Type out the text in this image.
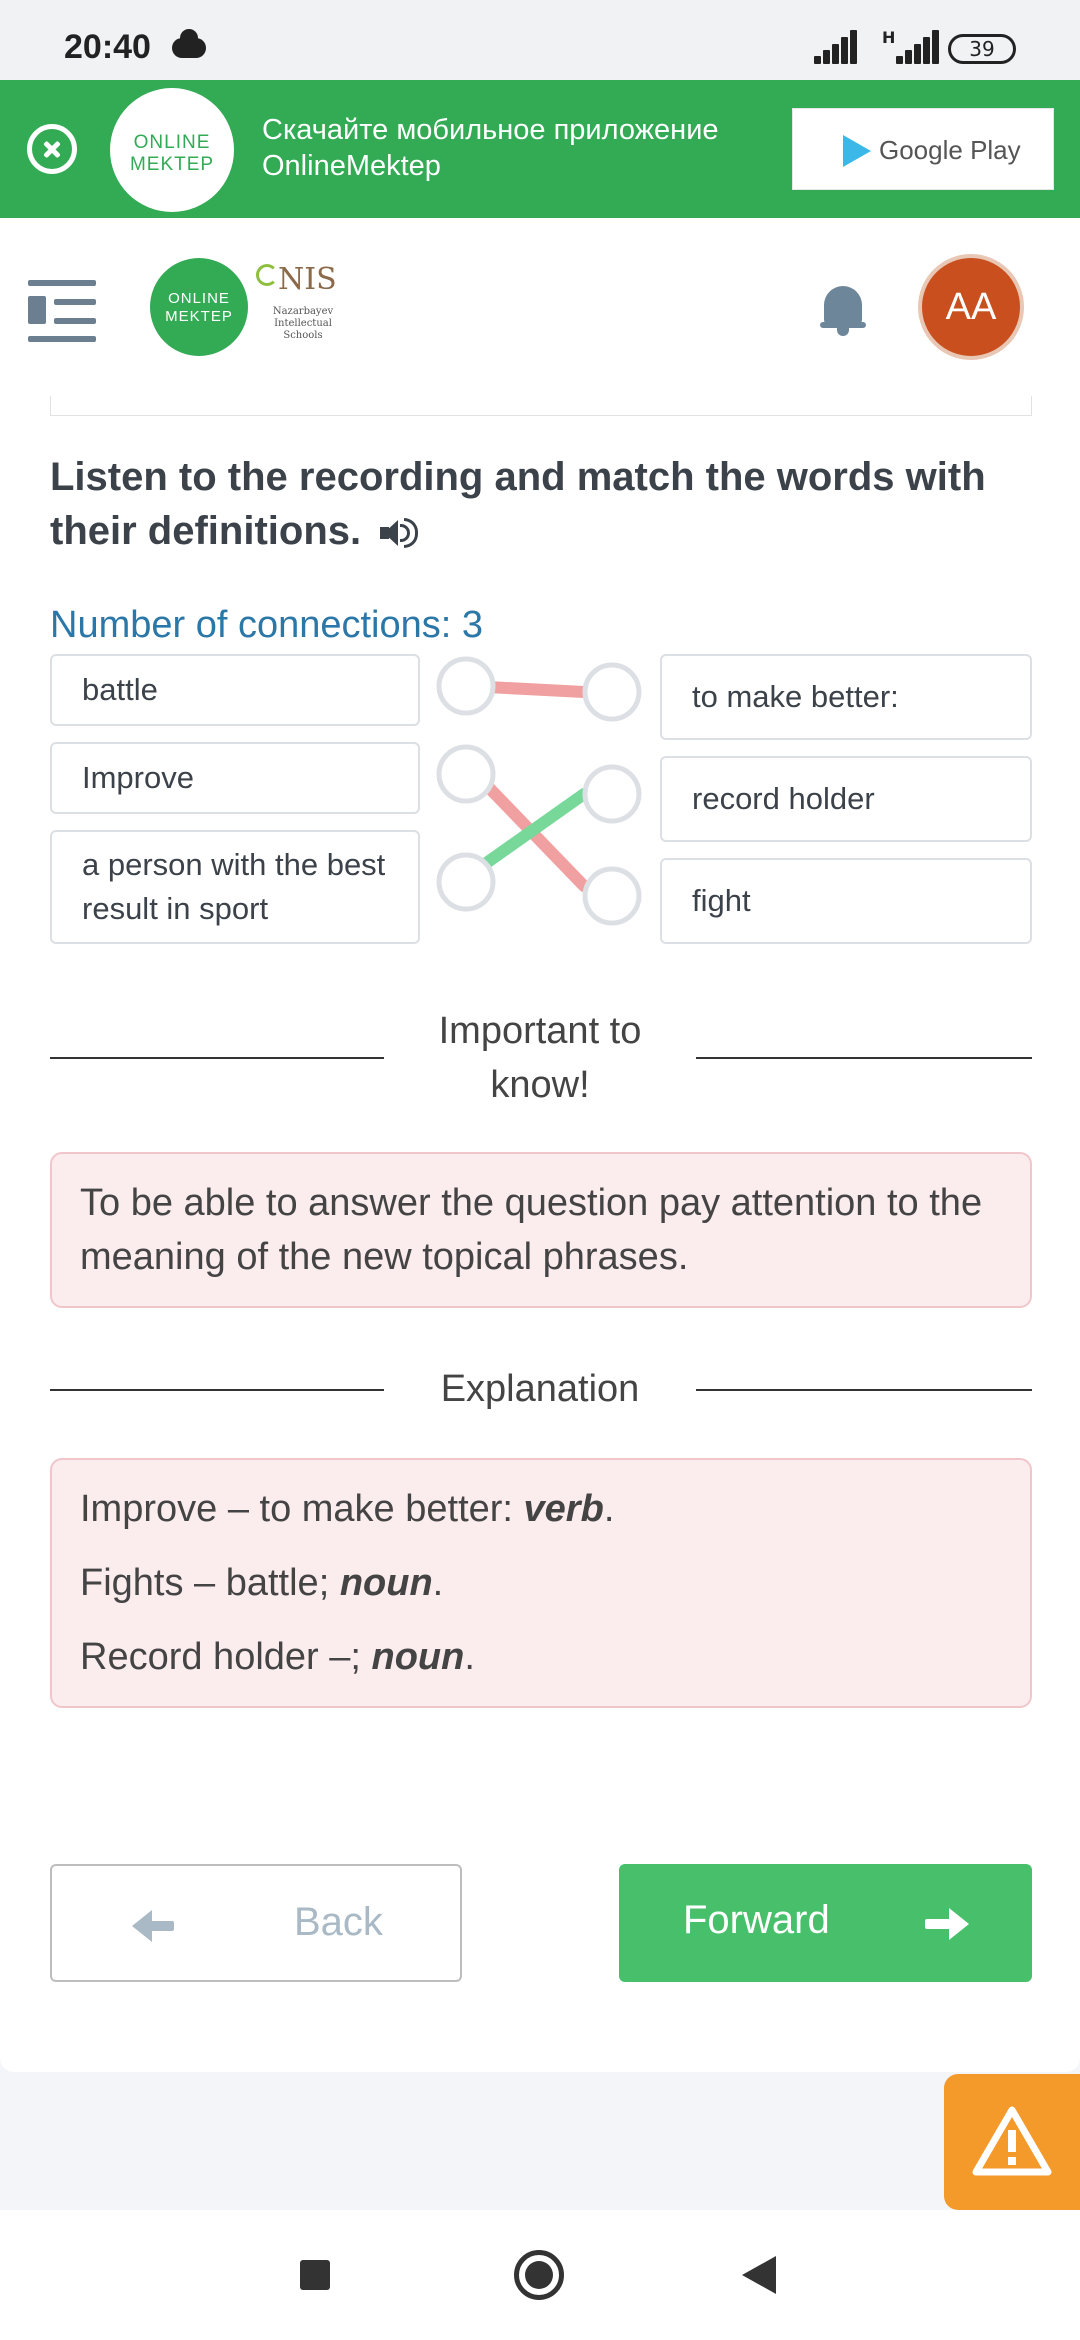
20:40	H	39
ONLINE
MEKTEP
Скачайте мобильное приложение OnlineMektep	Google Play
ONLINE
MEKTEP
NIS
Nazarbayev Intellectual Schools
AA
Listen to the recording and match the words with their definitions.
Number of connections: 3
battle
Improve
a person with the best result in sport
to make better:
record holder
fight
Important to know!
To be able to answer the question pay attention to the meaning of the new topical phrases.
Explanation
Improve – to make better: verb.
Fights – battle; noun.
Record holder –; noun.
Back	Forward
